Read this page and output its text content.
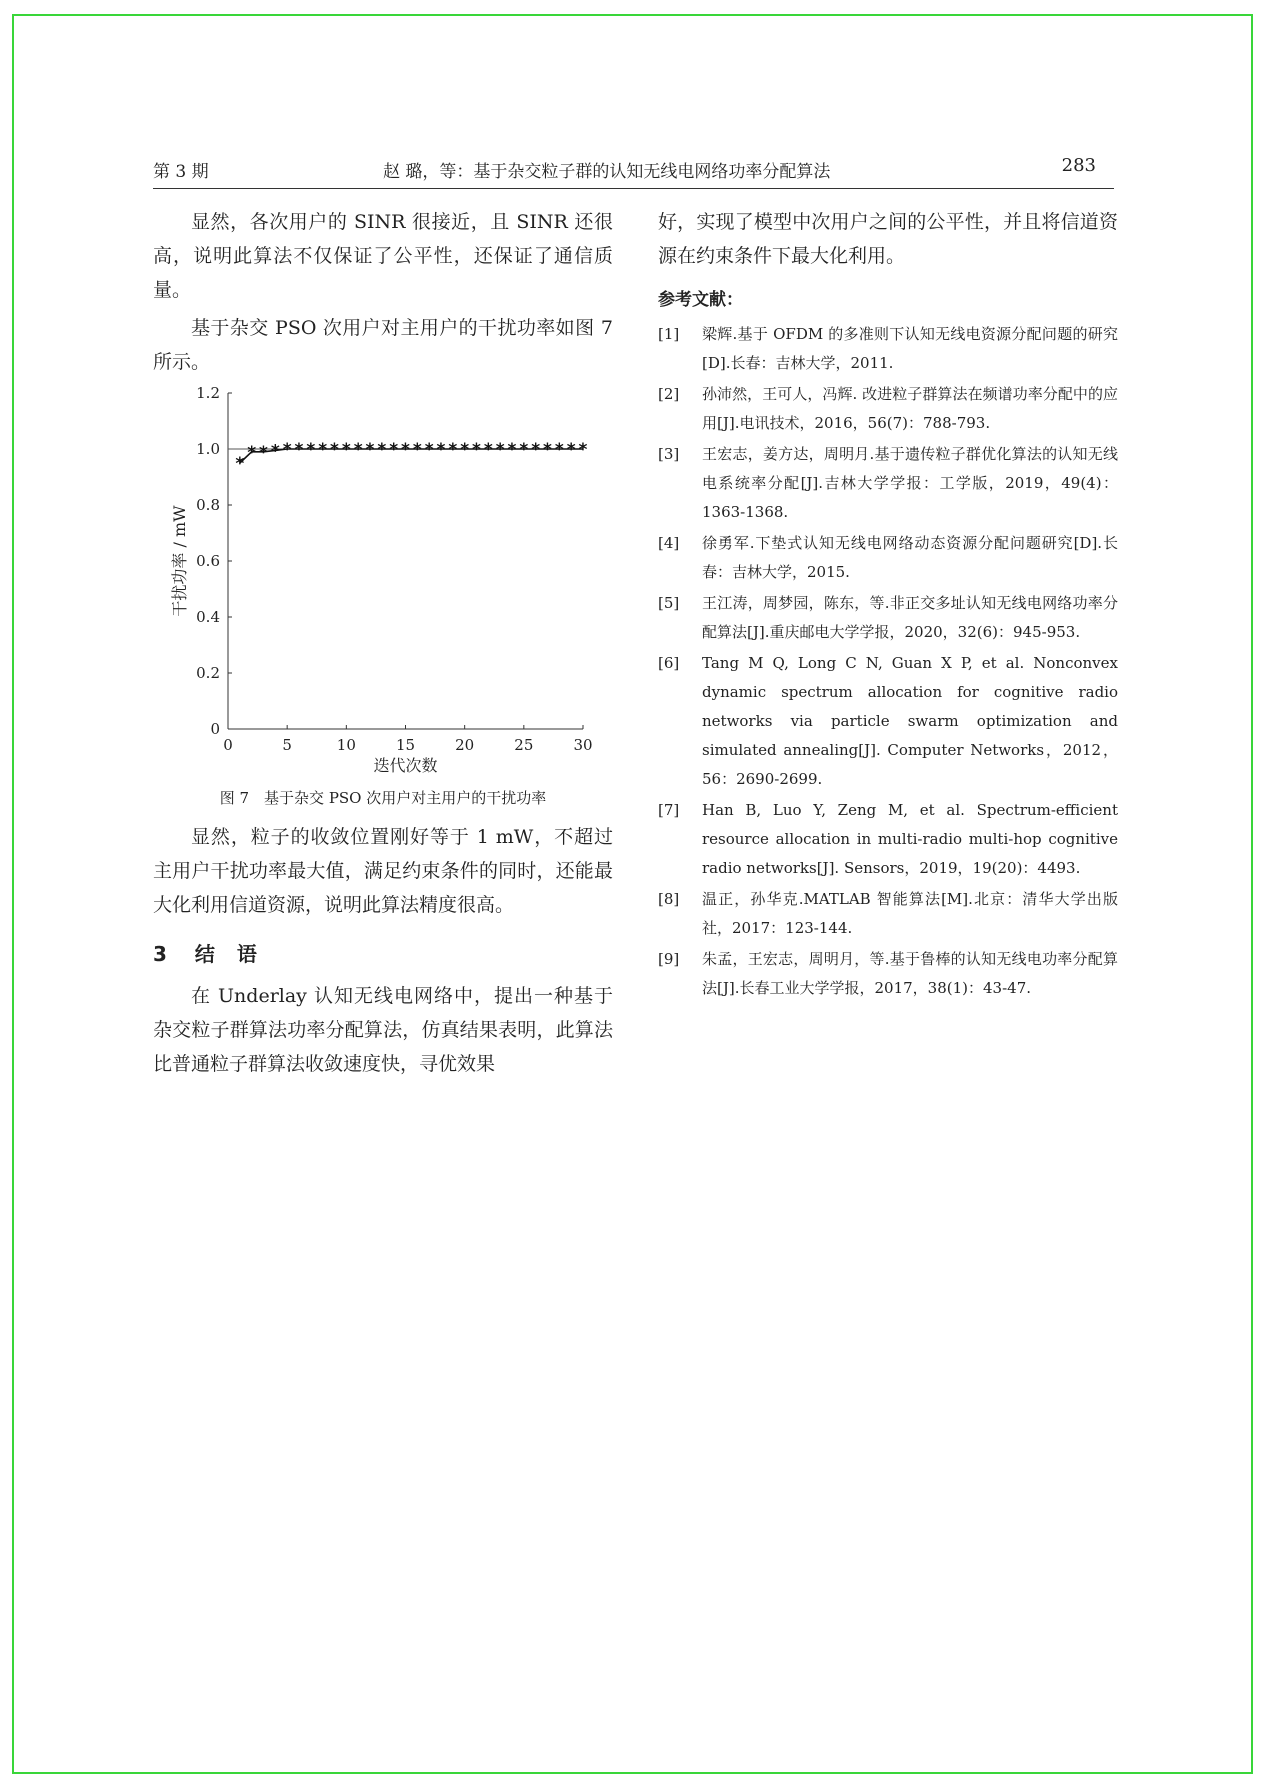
第 3 期	赵 璐，等：基于杂交粒子群的认知无线电网络功率分配算法	283

显然，各次用户的 SINR 很接近，且 SINR 还很高，说明此算法不仅保证了公平性，还保证了通信质量。

基于杂交 PSO 次用户对主用户的干扰功率如图 7 所示。

0
0.2
0.4
0.6
0.8
1.0
1.2
0	5	10	15	20	25	30
迭代次数
干扰功率 / mW
*
* * * * * * * * * * * * * * * * * * * * * * * * * * * * *
图 7　基于杂交 PSO 次用户对主用户的干扰功率

显然，粒子的收敛位置刚好等于 1 mW，不超过主用户干扰功率最大值，满足约束条件的同时，还能最大化利用信道资源，说明此算法精度很高。

3 结语

在 Underlay 认知无线电网络中，提出一种基于杂交粒子群算法功率分配算法，仿真结果表明，此算法比普通粒子群算法收敛速度快，寻优效果

好，实现了模型中次用户之间的公平性，并且将信道资源在约束条件下最大化利用。

参考文献：
[1]	梁辉.基于 OFDM 的多准则下认知无线电资源分配问题的研究[D].长春：吉林大学，2011.
[2]	孙沛然，王可人，冯辉. 改进粒子群算法在频谱功率分配中的应用[J].电讯技术，2016，56(7)：788-793.
[3]	王宏志，姜方达，周明月.基于遗传粒子群优化算法的认知无线电系统率分配[J].吉林大学学报：工学版，2019，49(4)：1363-1368.
[4]	徐勇军.下垫式认知无线电网络动态资源分配问题研究[D].长春：吉林大学，2015.
[5]	王江涛，周梦园，陈东，等.非正交多址认知无线电网络功率分配算法[J].重庆邮电大学学报，2020，32(6)：945-953.
[6]	Tang M Q, Long C N, Guan X P, et al. Nonconvex dynamic spectrum allocation for cognitive radio networks via particle swarm optimization and simulated annealing[J]. Computer Networks，2012，56：2690-2699.
[7]	Han B, Luo Y, Zeng M, et al. Spectrum-efficient resource allocation in multi-radio multi-hop cognitive radio networks[J]. Sensors，2019，19(20)：4493.
[8]	温正，孙华克.MATLAB 智能算法[M].北京：清华大学出版社，2017：123-144.
[9]	朱孟，王宏志，周明月，等.基于鲁棒的认知无线电功率分配算法[J].长春工业大学学报，2017，38(1)：43-47.
